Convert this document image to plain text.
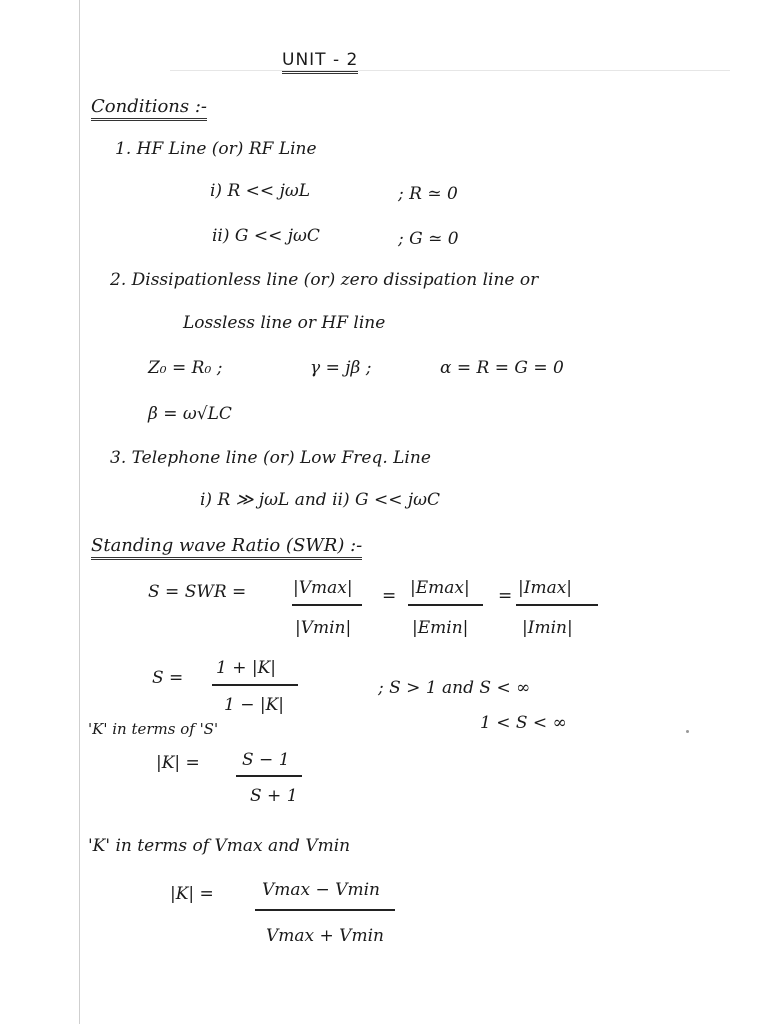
UNIT - 2
Conditions :-
1. HF Line (or) RF Line
i) R << jωL	; R ≃ 0
ii) G << jωC	; G ≃ 0
2. Dissipationless line (or) zero dissipation line or
Lossless line or HF line
Z₀ = R₀ ;	γ = jβ ;	α = R = G = 0
β = ω√LC
3. Telephone line (or) Low Freq. Line
i) R ≫ jωL and ii) G << jωC
Standing wave Ratio (SWR) :-
S = SWR =	|Vmax|
|Vmin|
= |Emax|
|Emin|
= |Imax|
|Imin|
S = 1 + |K|
1 − |K|
; S > 1 and S < ∞
1 < S < ∞
'K' in terms of 'S'
|K| = S − 1
S + 1
'K' in terms of Vmax and Vmin
|K| =	Vmax − Vmin
Vmax + Vmin
